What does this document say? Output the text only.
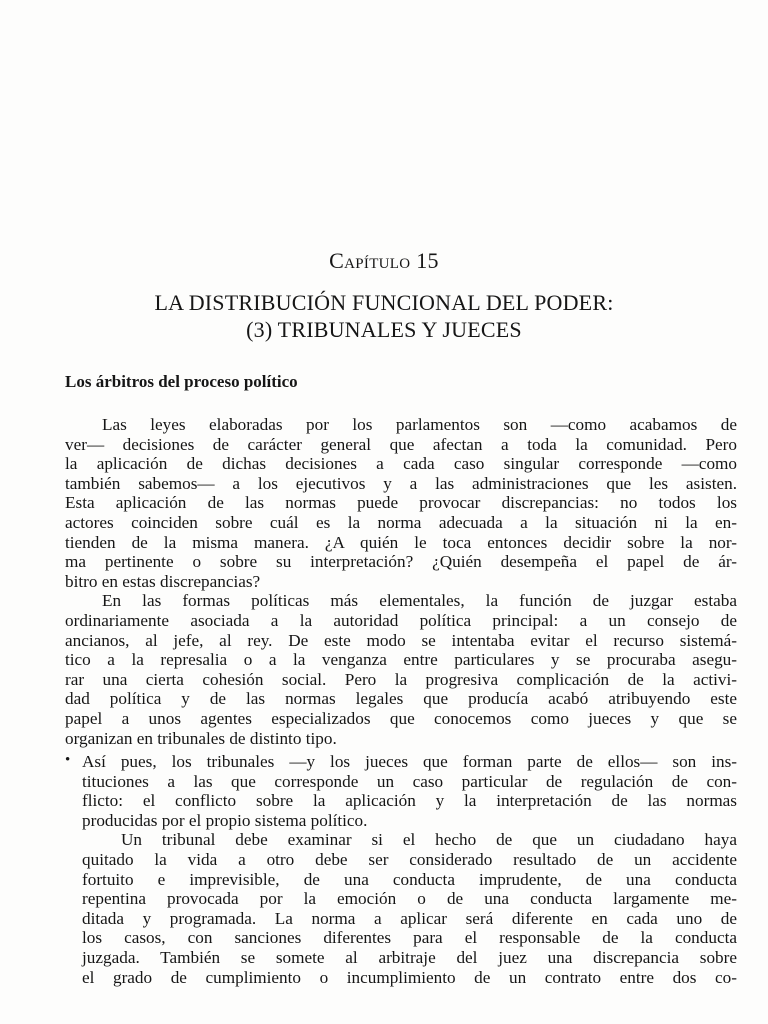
Capítulo 15
LA DISTRIBUCIÓN FUNCIONAL DEL PODER:
(3) TRIBUNALES Y JUECES
Los árbitros del proceso político
Las leyes elaboradas por los parlamentos son —como acabamos de
ver— decisiones de carácter general que afectan a toda la comunidad. Pero
la aplicación de dichas decisiones a cada caso singular corresponde —como
también sabemos— a los ejecutivos y a las administraciones que les asisten.
Esta aplicación de las normas puede provocar discrepancias: no todos los
actores coinciden sobre cuál es la norma adecuada a la situación ni la en-
tienden de la misma manera. ¿A quién le toca entonces decidir sobre la nor-
ma pertinente o sobre su interpretación? ¿Quién desempeña el papel de ár-
bitro en estas discrepancias?
En las formas políticas más elementales, la función de juzgar estaba
ordinariamente asociada a la autoridad política principal: a un consejo de
ancianos, al jefe, al rey. De este modo se intentaba evitar el recurso sistemá-
tico a la represalia o a la venganza entre particulares y se procuraba asegu-
rar una cierta cohesión social. Pero la progresiva complicación de la activi-
dad política y de las normas legales que producía acabó atribuyendo este
papel a unos agentes especializados que conocemos como jueces y que se
organizan en tribunales de distinto tipo.
• Así pues, los tribunales —y los jueces que forman parte de ellos— son ins-
tituciones a las que corresponde un caso particular de regulación de con-
flicto: el conflicto sobre la aplicación y la interpretación de las normas
producidas por el propio sistema político.
Un tribunal debe examinar si el hecho de que un ciudadano haya
quitado la vida a otro debe ser considerado resultado de un accidente
fortuito e imprevisible, de una conducta imprudente, de una conducta
repentina provocada por la emoción o de una conducta largamente me-
ditada y programada. La norma a aplicar será diferente en cada uno de
los casos, con sanciones diferentes para el responsable de la conducta
juzgada. También se somete al arbitraje del juez una discrepancia sobre
el grado de cumplimiento o incumplimiento de un contrato entre dos co-
